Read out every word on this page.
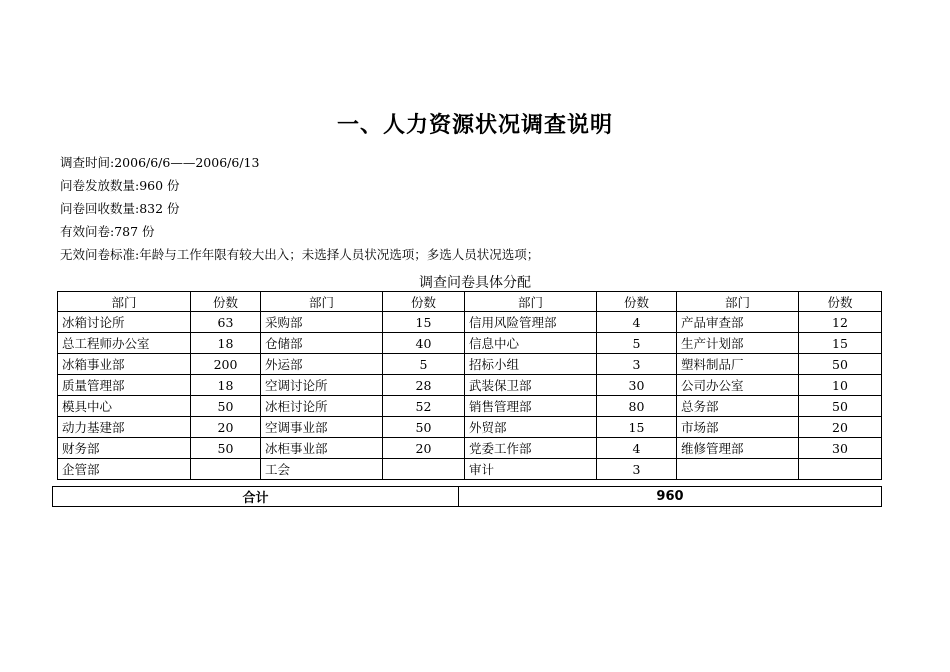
一、人力资源状况调查说明
调查时间:2006/6/6——2006/6/13
问卷发放数量:960 份
问卷回收数量:832 份
有效问卷:787 份
无效问卷标准:年龄与工作年限有较大出入；未选择人员状况选项；多选人员状况选项；
调查问卷具体分配
部门	份数	部门	份数	部门	份数	部门	份数
冰箱讨论所	63	采购部	15	信用风险管理部	4	产品审查部	12
总工程师办公室	18	仓储部	40	信息中心	5	生产计划部	15
冰箱事业部	200	外运部	5	招标小组	3	塑料制品厂	50
质量管理部	18	空调讨论所	28	武装保卫部	30	公司办公室	10
模具中心	50	冰柜讨论所	52	销售管理部	80	总务部	50
动力基建部	20	空调事业部	50	外贸部	15	市场部	20
财务部	50	冰柜事业部	20	党委工作部	4	维修管理部	30
企管部		工会		审计	3		
合计	960
